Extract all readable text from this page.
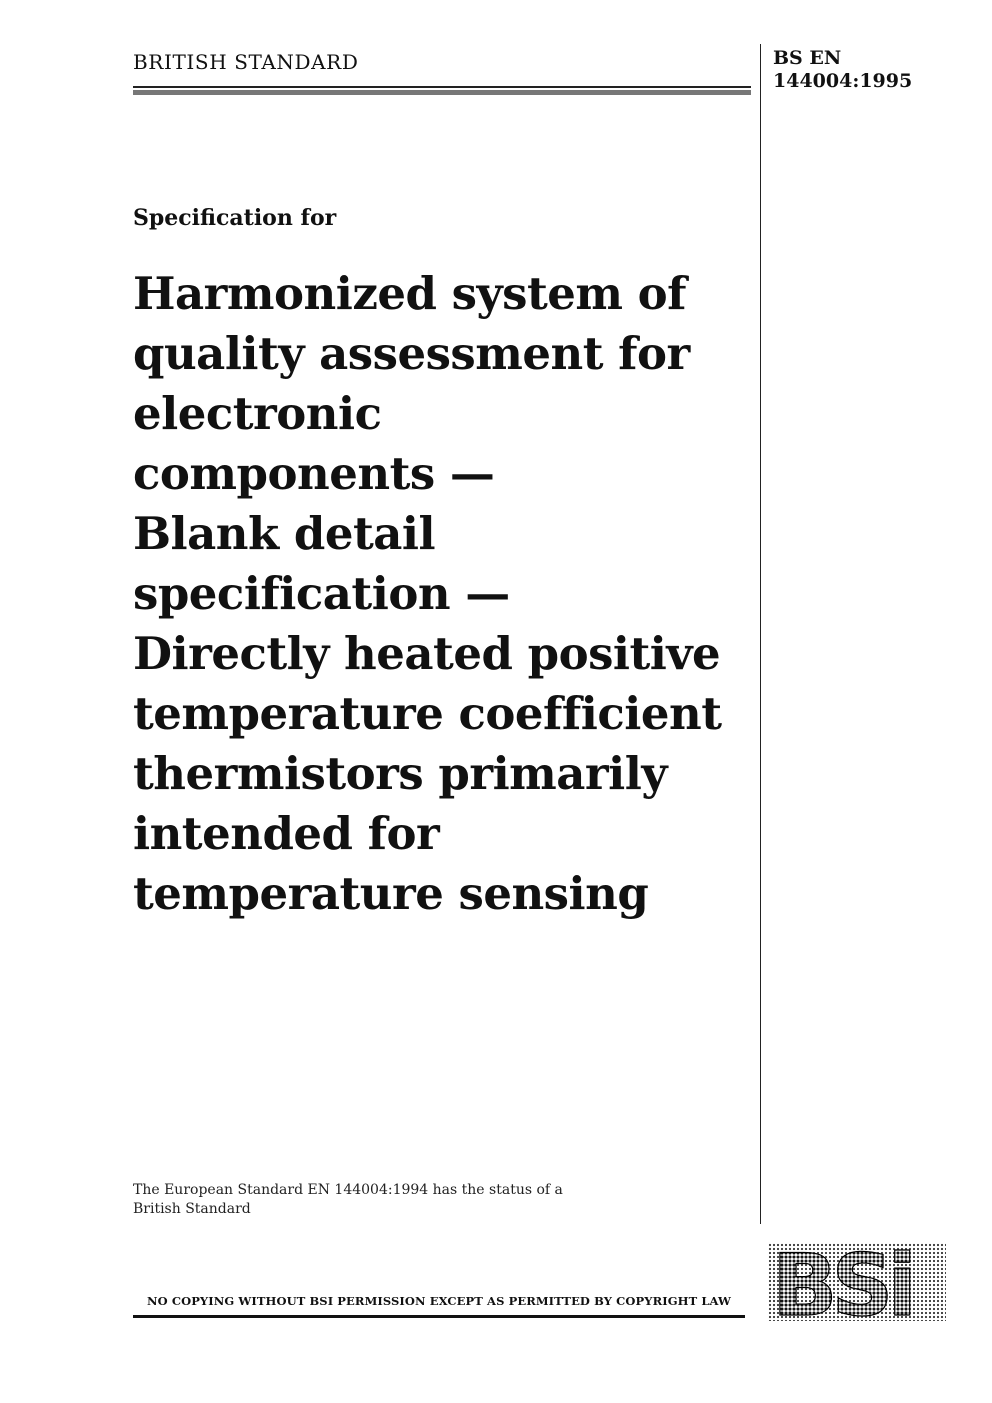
BRITISH STANDARD	BS EN
144004:1995
Specification for
Harmonized system of
quality assessment for
electronic
components —
Blank detail
specification —
Directly heated positive
temperature coefficient
thermistors primarily
intended for
temperature sensing
The European Standard EN 144004:1994 has the status of a
British Standard
NO COPYING WITHOUT BSI PERMISSION EXCEPT AS PERMITTED BY COPYRIGHT LAW BSi
